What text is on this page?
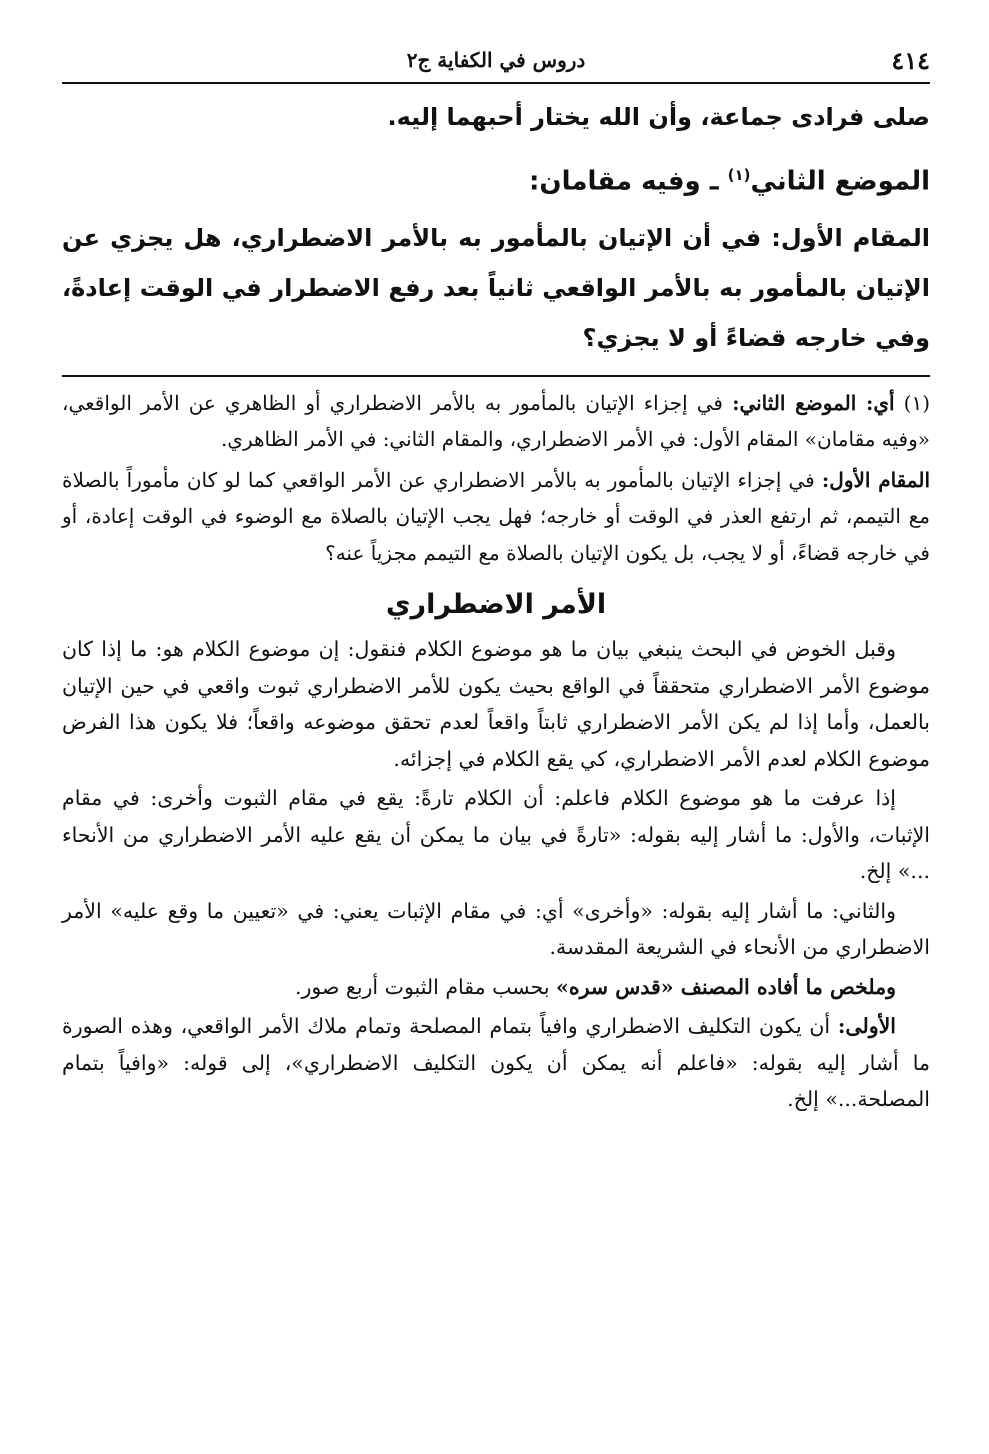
٤١٤
دروس في الكفاية ج٢

صلى فرادى جماعة، وأن الله يختار أحبهما إليه.

الموضع الثاني$^{(١)}$ ـ وفيه مقامان:

المقام الأول: في أن الإتيان بالمأمور به بالأمر الاضطراري، هل يجزي عن الإتيان بالمأمور به بالأمر الواقعي ثانياً بعد رفع الاضطرار في الوقت إعادةً، وفي خارجه قضاءً أو لا يجزي؟

(١) أي: الموضع الثاني: في إجزاء الإتيان بالمأمور به بالأمر الاضطراري أو الظاهري عن الأمر الواقعي، «وفيه مقامان» المقام الأول: في الأمر الاضطراري، والمقام الثاني: في الأمر الظاهري.

المقام الأول: في إجزاء الإتيان بالمأمور به بالأمر الاضطراري عن الأمر الواقعي كما لو كان مأموراً بالصلاة مع التيمم، ثم ارتفع العذر في الوقت أو خارجه؛ فهل يجب الإتيان بالصلاة مع الوضوء في الوقت إعادة، أو في خارجه قضاءً، أو لا يجب، بل يكون الإتيان بالصلاة مع التيمم مجزياً عنه؟

الأمر الاضطراري

وقبل الخوض في البحث ينبغي بيان ما هو موضوع الكلام فنقول: إن موضوع الكلام هو: ما إذا كان موضوع الأمر الاضطراري متحققاً في الواقع بحيث يكون للأمر الاضطراري ثبوت واقعي في حين الإتيان بالعمل، وأما إذا لم يكن الأمر الاضطراري ثابتاً واقعاً لعدم تحقق موضوعه واقعاً؛ فلا يكون هذا الفرض موضوع الكلام لعدم الأمر الاضطراري، كي يقع الكلام في إجزائه.

إذا عرفت ما هو موضوع الكلام فاعلم: أن الكلام تارةً: يقع في مقام الثبوت وأخرى: في مقام الإثبات، والأول: ما أشار إليه بقوله: «تارةً في بيان ما يمكن أن يقع عليه الأمر الاضطراري من الأنحاء ...» إلخ.

والثاني: ما أشار إليه بقوله: «وأخرى» أي: في مقام الإثبات يعني: في «تعيين ما وقع عليه» الأمر الاضطراري من الأنحاء في الشريعة المقدسة.

وملخص ما أفاده المصنف «قدس سره» بحسب مقام الثبوت أربع صور.

الأولى: أن يكون التكليف الاضطراري وافياً بتمام المصلحة وتمام ملاك الأمر الواقعي، وهذه الصورة ما أشار إليه بقوله: «فاعلم أنه يمكن أن يكون التكليف الاضطراري»، إلى قوله: «وافياً بتمام المصلحة...» إلخ.
